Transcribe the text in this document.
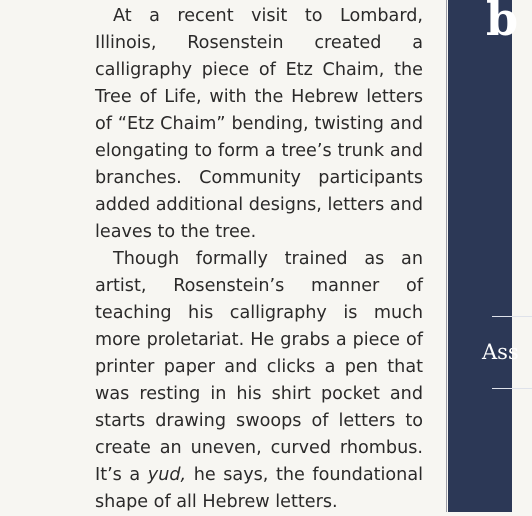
At a recent visit to Lombard, Illinois, Rosenstein created a calligraphy piece of Etz Chaim, the Tree of Life, with the Hebrew letters of “Etz Chaim” bending, twisting and elongating to form a tree’s trunk and branches. Community participants added additional designs, letters and leaves to the tree.

Though formally trained as an artist, Rosenstein’s manner of teaching his calligraphy is much more proletariat. He grabs a piece of printer paper and clicks a pen that was resting in his shirt pocket and starts drawing swoops of letters to create an uneven, curved rhombus. It’s a yud, he says, the foundational shape of all Hebrew letters.

b
Ass
